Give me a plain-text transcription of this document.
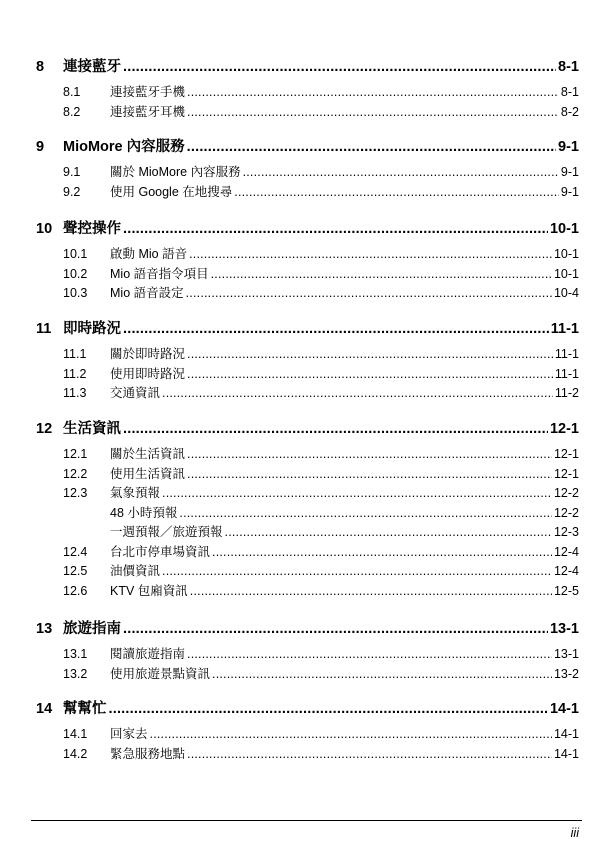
8	連接藍牙 .....	8-1
8.1	連接藍牙手機 .....	8-1
8.2	連接藍牙耳機 .....	8-2
9	MioMore 內容服務 .....	9-1
9.1	關於 MioMore 內容服務 .....	9-1
9.2	使用 Google 在地搜尋 .....	9-1
10 聲控操作 .....	10-1
10.1	啟動 Mio 語音 .....	10-1
10.2	Mio 語音指令項目 .....	10-1
10.3	Mio 語音設定 .....	10-4
11 即時路況 .....	11-1
11.1	關於即時路況 .....	11-1
11.2	使用即時路況 .....	11-1
11.3	交通資訊 .....	11-2
12 生活資訊 .....	12-1
12.1	關於生活資訊 .....	12-1
12.2	使用生活資訊 .....	12-1
12.3	氣象預報 .....	12-2
48 小時預報 .....	12-2
一週預報／旅遊預報 .....	12-3
12.4	台北市停車場資訊 .....	12-4
12.5	油價資訊 .....	12-4
12.6	KTV 包廂資訊 .....	12-5
13 旅遊指南 .....	13-1
13.1	閱讀旅遊指南 .....	13-1
13.2	使用旅遊景點資訊 .....	13-2
14 幫幫忙 .....	14-1
14.1	回家去 .....	14-1
14.2	緊急服務地點 .....	14-1
iii
